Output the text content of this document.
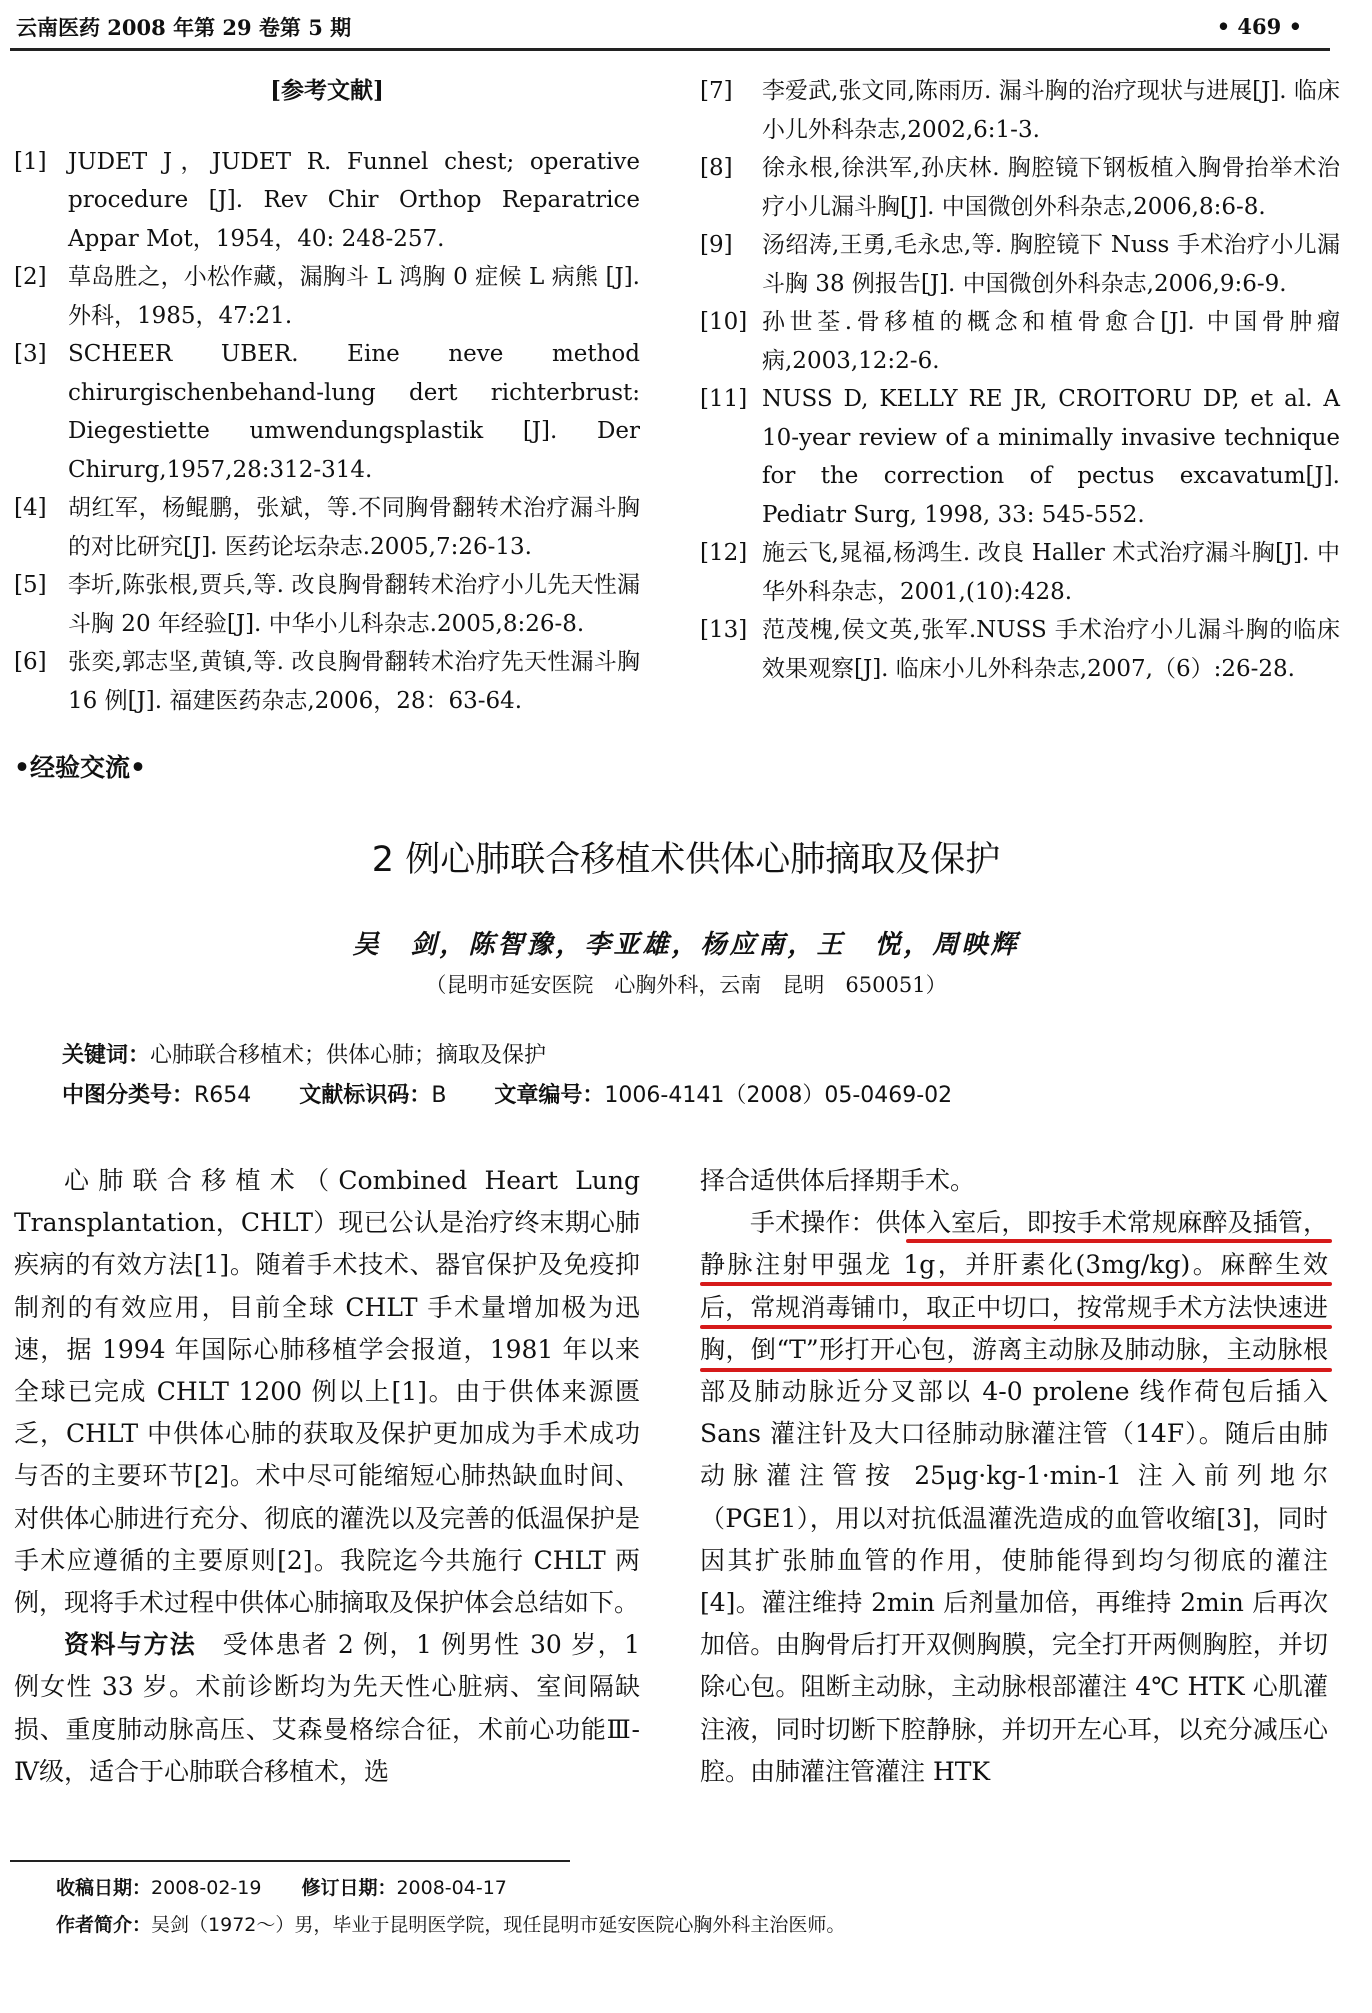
云南医药 2008 年第 29 卷第 5 期	• 469 •
[参考文献]
[1] JUDET J，JUDET R. Funnel chest; operative procedure [J]. Rev Chir Orthop Reparatrice Appar Mot，1954，40: 248-257.
[2] 草岛胜之，小松作藏，漏胸斗 L 鸿胸 0 症候 L 病熊 [J]. 外科，1985，47:21.
[3] SCHEER UBER. Eine neve method chirurgischenbehand-lung dert richterbrust: Diegestiette umwendungsplastik [J]. Der Chirurg,1957,28:312-314.
[4] 胡红军，杨鲲鹏，张斌，等.不同胸骨翻转术治疗漏斗胸的对比研究[J]. 医药论坛杂志.2005,7:26-13.
[5] 李圻,陈张根,贾兵,等. 改良胸骨翻转术治疗小儿先天性漏斗胸 20 年经验[J]. 中华小儿科杂志.2005,8:26-8.
[6] 张奕,郭志坚,黄镇,等. 改良胸骨翻转术治疗先天性漏斗胸 16 例[J]. 福建医药杂志,2006，28：63-64.
[7]	李爱武,张文同,陈雨历. 漏斗胸的治疗现状与进展[J]. 临床小儿外科杂志,2002,6:1-3.
[8]	徐永根,徐洪军,孙庆林. 胸腔镜下钢板植入胸骨抬举术治疗小儿漏斗胸[J]. 中国微创外科杂志,2006,8:6-8.
[9]	汤绍涛,王勇,毛永忠,等. 胸腔镜下 Nuss 手术治疗小儿漏斗胸 38 例报告[J]. 中国微创外科杂志,2006,9:6-9.
[10] 孙世荃.骨移植的概念和植骨愈合[J]. 中国骨肿瘤病,2003,12:2-6.
[11] NUSS D, KELLY RE JR, CROITORU DP, et al. A 10-year review of a minimally invasive technique for the correction of pectus excavatum[J]. Pediatr Surg, 1998, 33: 545-552.
[12] 施云飞,晁福,杨鸿生. 改良 Haller 术式治疗漏斗胸[J]. 中华外科杂志，2001,(10):428.
[13] 范茂槐,侯文英,张军.NUSS 手术治疗小儿漏斗胸的临床效果观察[J]. 临床小儿外科杂志,2007,（6）:26-28.
•经验交流•
2 例心肺联合移植术供体心肺摘取及保护
吴　剑，陈智豫，李亚雄，杨应南，王　悦，周映辉
（昆明市延安医院　心胸外科，云南　昆明　650051）
关键词：心肺联合移植术；供体心肺；摘取及保护
中图分类号：R654 文献标识码：B 文章编号：1006-4141（2008）05-0469-02

心肺联合移植术（Combined Heart Lung Transplantation，CHLT）现已公认是治疗终末期心肺疾病的有效方法[1]。随着手术技术、器官保护及免疫抑制剂的有效应用，目前全球 CHLT 手术量增加极为迅速，据 1994 年国际心肺移植学会报道，1981 年以来全球已完成 CHLT 1200 例以上[1]。由于供体来源匮乏，CHLT 中供体心肺的获取及保护更加成为手术成功与否的主要环节[2]。术中尽可能缩短心肺热缺血时间、对供体心肺进行充分、彻底的灌洗以及完善的低温保护是手术应遵循的主要原则[2]。我院迄今共施行 CHLT 两例，现将手术过程中供体心肺摘取及保护体会总结如下。

资料与方法　受体患者 2 例，1 例男性 30 岁，1 例女性 33 岁。术前诊断均为先天性心脏病、室间隔缺损、重度肺动脉高压、艾森曼格综合征，术前心功能Ⅲ-Ⅳ级，适合于心肺联合移植术，选

择合适供体后择期手术。

手术操作：供体入室后，即按手术常规麻醉及插管，静脉注射甲强龙 1g，并肝素化(3mg/kg)。麻醉生效后，常规消毒铺巾，取正中切口，按常规手术方法快速进胸，倒“T”形打开心包，游离主动脉及肺动脉，主动脉根部及肺动脉近分叉部以 4-0 prolene 线作荷包后插入 Sans 灌注针及大口径肺动脉灌注管（14F）。随后由肺动脉灌注管按 25μg·kg-1·min-1 注入前列地尔（PGE1），用以对抗低温灌洗造成的血管收缩[3]，同时因其扩张肺血管的作用，使肺能得到均匀彻底的灌注[4]。灌注维持 2min 后剂量加倍，再维持 2min 后再次加倍。由胸骨后打开双侧胸膜，完全打开两侧胸腔，并切除心包。阻断主动脉，主动脉根部灌注 4℃ HTK 心肌灌注液，同时切断下腔静脉，并切开左心耳，以充分减压心腔。由肺灌注管灌注 HTK

收稿日期：2008-02-19 修订日期：2008-04-17
作者简介：吴剑（1972～）男，毕业于昆明医学院，现任昆明市延安医院心胸外科主治医师。
